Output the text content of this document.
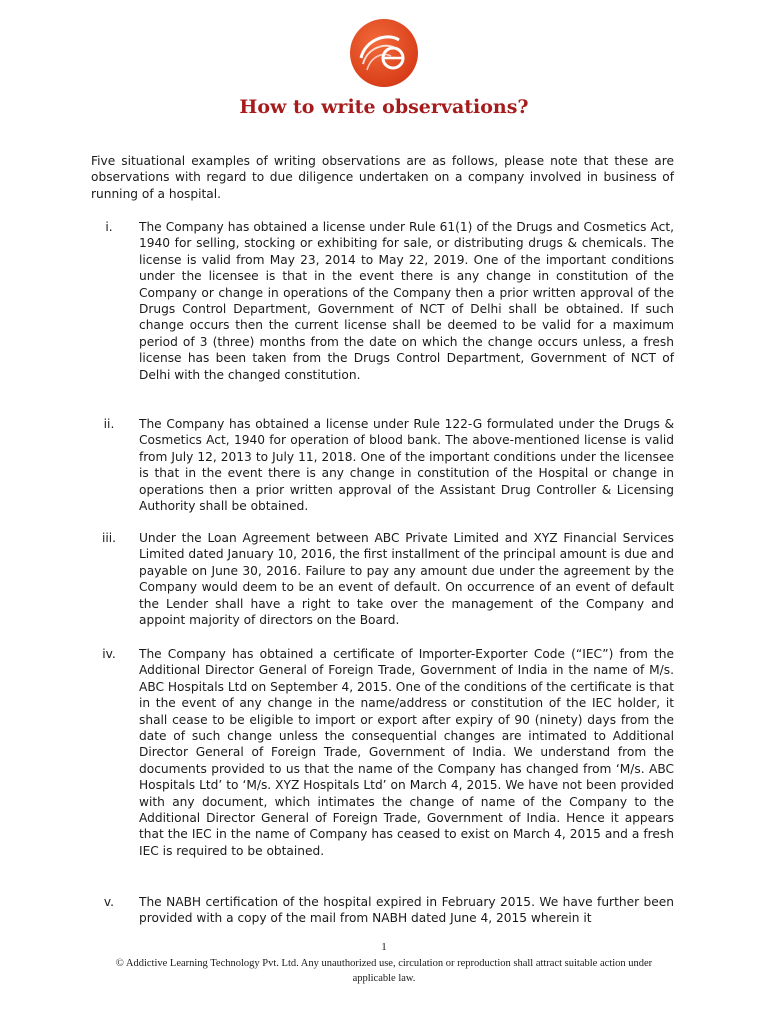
How to write observations?

Five situational examples of writing observations are as follows, please note that these are observations with regard to due diligence undertaken on a company involved in business of running of a hospital.

i.	The Company has obtained a license under Rule 61(1) of the Drugs and Cosmetics Act, 1940 for selling, stocking or exhibiting for sale, or distributing drugs & chemicals. The license is valid from May 23, 2014 to May 22, 2019. One of the important conditions under the licensee is that in the event there is any change in constitution of the Company or change in operations of the Company then a prior written approval of the Drugs Control Department, Government of NCT of Delhi shall be obtained. If such change occurs then the current license shall be deemed to be valid for a maximum period of 3 (three) months from the date on which the change occurs unless, a fresh license has been taken from the Drugs Control Department, Government of NCT of Delhi with the changed constitution.
ii.	The Company has obtained a license under Rule 122-G formulated under the Drugs & Cosmetics Act, 1940 for operation of blood bank. The above-mentioned license is valid from July 12, 2013 to July 11, 2018. One of the important conditions under the licensee is that in the event there is any change in constitution of the Hospital or change in operations then a prior written approval of the Assistant Drug Controller & Licensing Authority shall be obtained.
iii.	Under the Loan Agreement between ABC Private Limited and XYZ Financial Services Limited dated January 10, 2016, the first installment of the principal amount is due and payable on June 30, 2016. Failure to pay any amount due under the agreement by the Company would deem to be an event of default. On occurrence of an event of default the Lender shall have a right to take over the management of the Company and appoint majority of directors on the Board.
iv.	The Company has obtained a certificate of Importer-Exporter Code (“IEC”) from the Additional Director General of Foreign Trade, Government of India in the name of M/s. ABC Hospitals Ltd on September 4, 2015. One of the conditions of the certificate is that in the event of any change in the name/address or constitution of the IEC holder, it shall cease to be eligible to import or export after expiry of 90 (ninety) days from the date of such change unless the consequential changes are intimated to Additional Director General of Foreign Trade, Government of India. We understand from the documents provided to us that the name of the Company has changed from ‘M/s. ABC Hospitals Ltd’ to ‘M/s. XYZ Hospitals Ltd’ on March 4, 2015. We have not been provided with any document, which intimates the change of name of the Company to the Additional Director General of Foreign Trade, Government of India. Hence it appears that the IEC in the name of Company has ceased to exist on March 4, 2015 and a fresh IEC is required to be obtained.
v.	The NABH certification of the hospital expired in February 2015. We have further been provided with a copy of the mail from NABH dated June 4, 2015 wherein it
1
© Addictive Learning Technology Pvt. Ltd. Any unauthorized use, circulation or reproduction shall attract suitable action under applicable law.
